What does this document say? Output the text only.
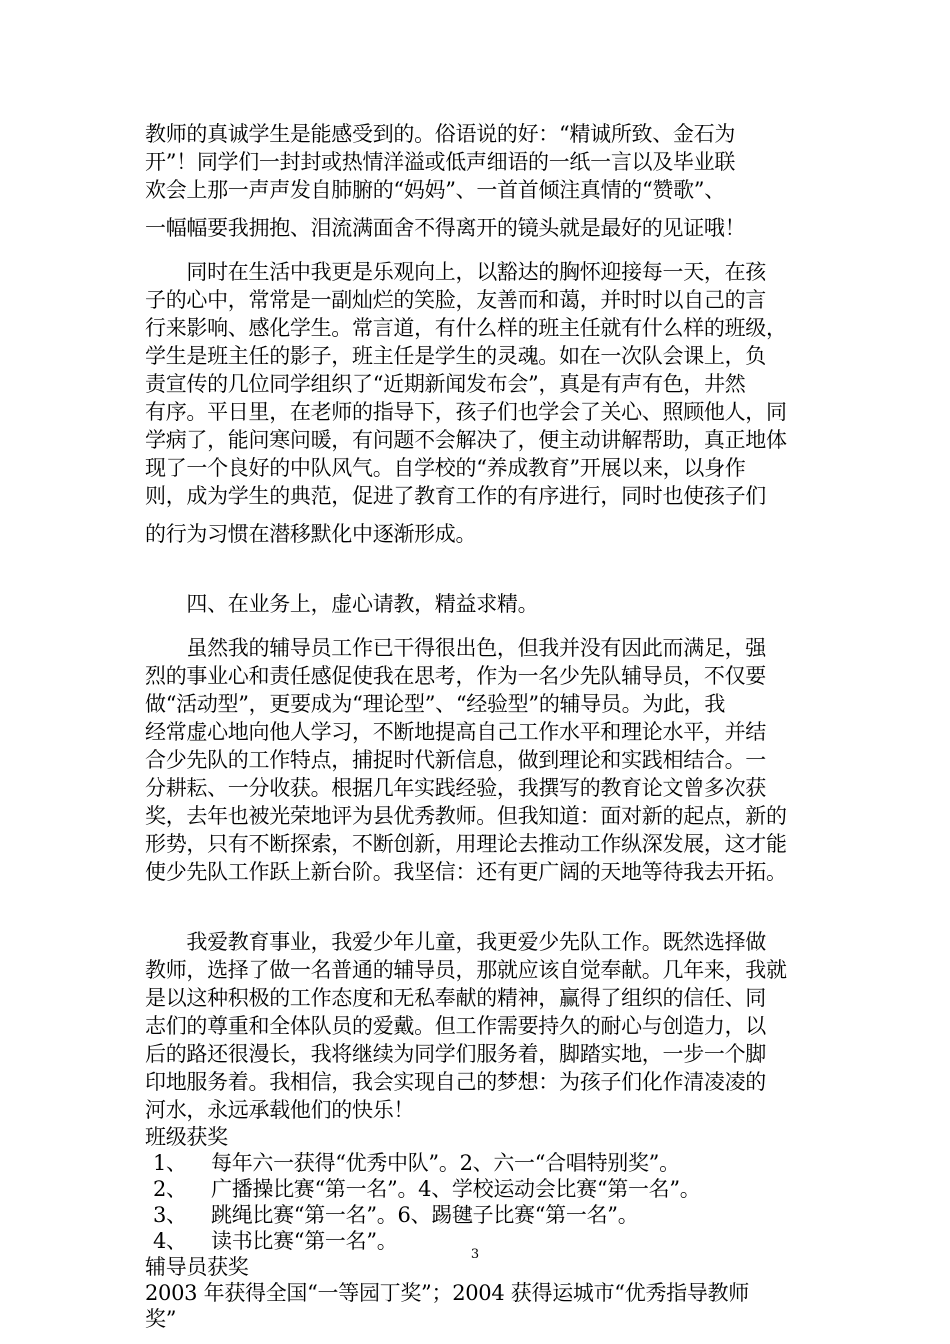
教师的真诚学生是能感受到的。俗语说的好：“精诚所致、金石为
开”！同学们一封封或热情洋溢或低声细语的一纸一言以及毕业联
欢会上那一声声发自肺腑的“妈妈”、一首首倾注真情的“赞歌”、
一幅幅要我拥抱、泪流满面舍不得离开的镜头就是最好的见证哦！
　　同时在生活中我更是乐观向上，以豁达的胸怀迎接每一天，在孩
子的心中，常常是一副灿烂的笑脸，友善而和蔼，并时时以自己的言
行来影响、感化学生。常言道，有什么样的班主任就有什么样的班级，
学生是班主任的影子，班主任是学生的灵魂。如在一次队会课上，负
责宣传的几位同学组织了“近期新闻发布会”，真是有声有色，井然
有序。平日里，在老师的指导下，孩子们也学会了关心、照顾他人，同
学病了，能问寒问暖，有问题不会解决了，便主动讲解帮助，真正地体
现了一个良好的中队风气。自学校的“养成教育”开展以来，以身作
则，成为学生的典范，促进了教育工作的有序进行，同时也使孩子们
的行为习惯在潜移默化中逐渐形成。
　　四、在业务上，虚心请教，精益求精。
　　虽然我的辅导员工作已干得很出色，但我并没有因此而满足，强
烈的事业心和责任感促使我在思考，作为一名少先队辅导员，不仅要
做“活动型”，更要成为“理论型”、“经验型”的辅导员。为此，我
经常虚心地向他人学习，不断地提高自己工作水平和理论水平，并结
合少先队的工作特点，捕捉时代新信息，做到理论和实践相结合。一
分耕耘、一分收获。根据几年实践经验，我撰写的教育论文曾多次获
奖，去年也被光荣地评为县优秀教师。但我知道：面对新的起点，新的
形势，只有不断探索，不断创新，用理论去推动工作纵深发展，这才能
使少先队工作跃上新台阶。我坚信：还有更广阔的天地等待我去开拓。
　　我爱教育事业，我爱少年儿童，我更爱少先队工作。既然选择做
教师，选择了做一名普通的辅导员，那就应该自觉奉献。几年来，我就
是以这种积极的工作态度和无私奉献的精神，赢得了组织的信任、同
志们的尊重和全体队员的爱戴。但工作需要持久的耐心与创造力，以
后的路还很漫长，我将继续为同学们服务着，脚踏实地，一步一个脚
印地服务着。我相信，我会实现自己的梦想：为孩子们化作清凌凌的
河水，永远承载他们的快乐！
班级获奖
1、 每年六一获得“优秀中队”。2、六一“合唱特别奖”。
2、 广播操比赛“第一名”。4、学校运动会比赛“第一名”。
3、 跳绳比赛“第一名”。6、踢毽子比赛“第一名”。
4、 读书比赛“第一名”。
辅导员获奖
2003 年获得全国“一等园丁奖”；2004 获得运城市“优秀指导教师
奖”
3
